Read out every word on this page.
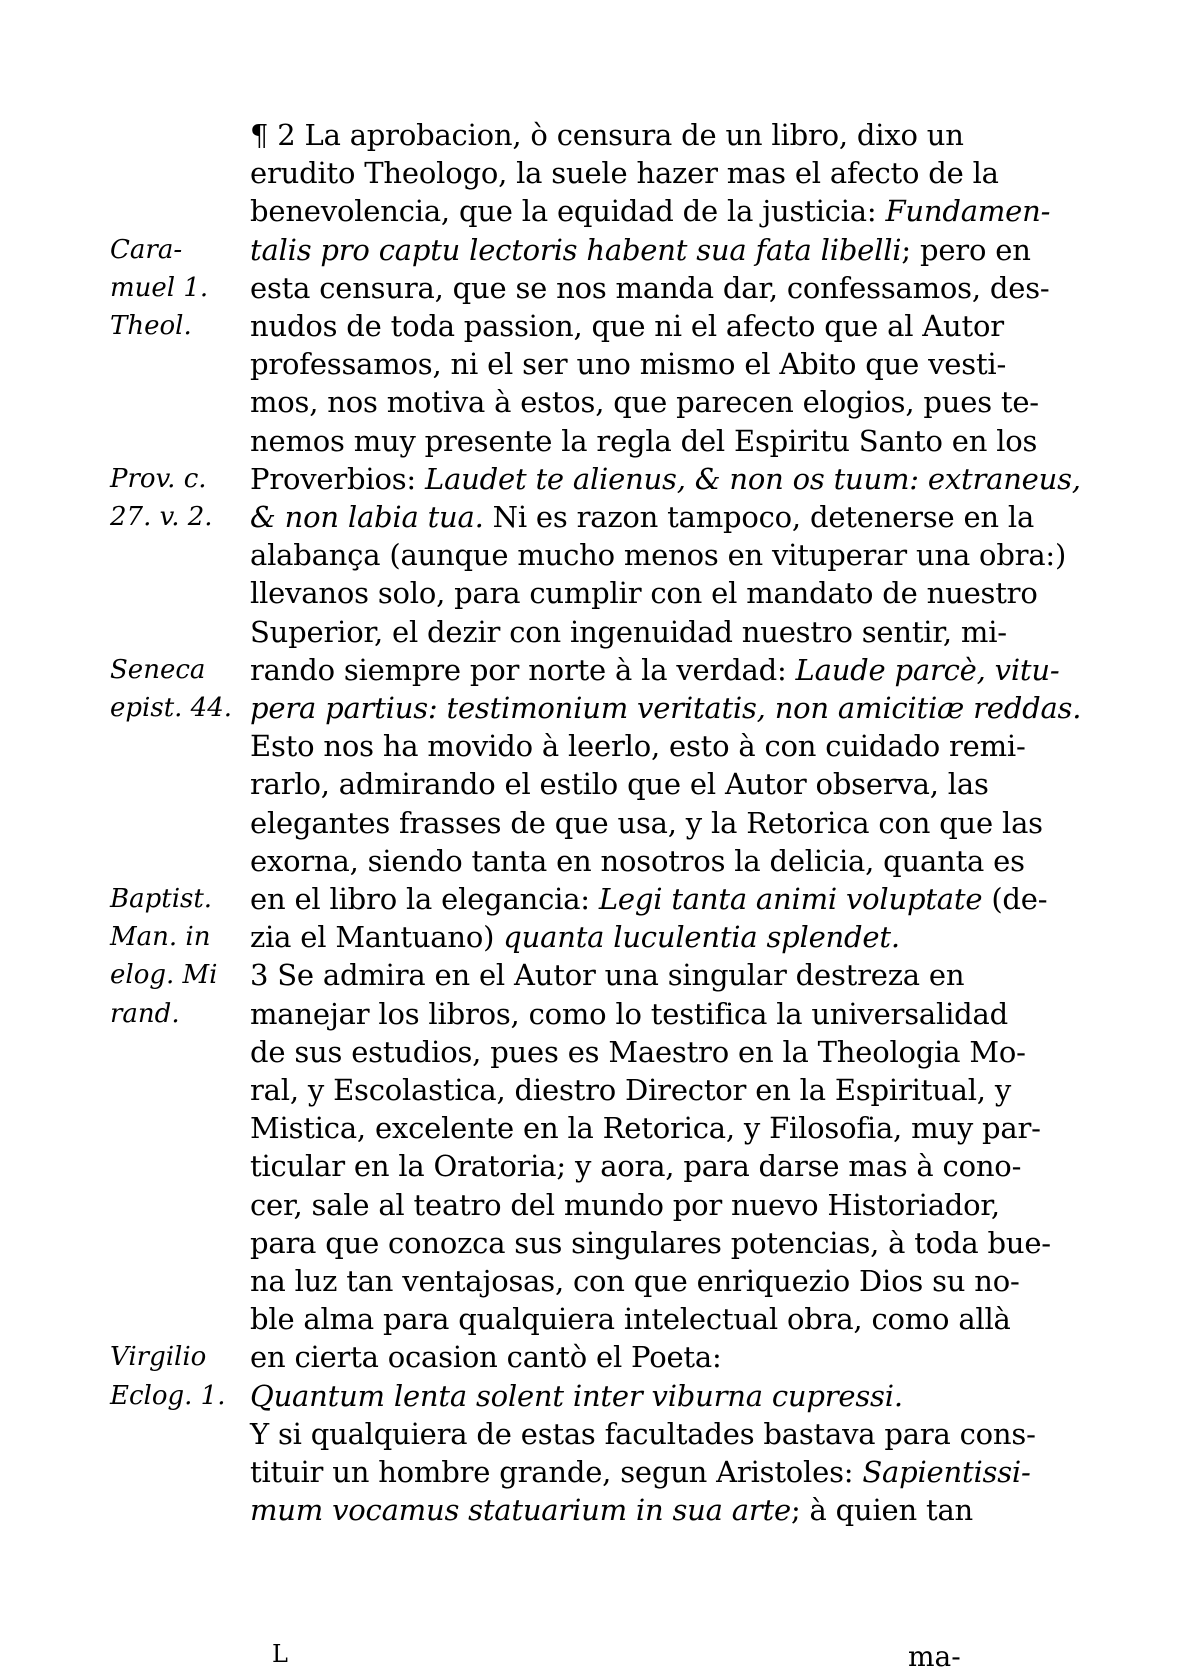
¶ 2 La aprobacion, ò censura de un libro, dixo un
erudito Theologo, la suele hazer mas el afecto de la
benevolencia, que la equidad de la justicia: Fundamen-
talis pro captu lectoris habent sua fata libelli; pero en
esta censura, que se nos manda dar, confessamos, des-
nudos de toda passion, que ni el afecto que al Autor
professamos, ni el ser uno mismo el Abito que vesti-
mos, nos motiva à estos, que parecen elogios, pues te-
nemos muy presente la regla del Espiritu Santo en los
Proverbios: Laudet te alienus, & non os tuum: extraneus,
& non labia tua. Ni es razon tampoco, detenerse en la
alabança (aunque mucho menos en vituperar una obra:)
llevanos solo, para cumplir con el mandato de nuestro
Superior, el dezir con ingenuidad nuestro sentir, mi-
rando siempre por norte à la verdad: Laude parcè, vitu-
pera partius: testimonium veritatis, non amicitiæ reddas.
Esto nos ha movido à leerlo, esto à con cuidado remi-
rarlo, admirando el estilo que el Autor observa, las
elegantes frasses de que usa, y la Retorica con que las
exorna, siendo tanta en nosotros la delicia, quanta es
en el libro la elegancia: Legi tanta animi voluptate (de-
zia el Mantuano) quanta luculentia splendet.
3 Se admira en el Autor una singular destreza en
manejar los libros, como lo testifica la universalidad
de sus estudios, pues es Maestro en la Theologia Mo-
ral, y Escolastica, diestro Director en la Espiritual, y
Mistica, excelente en la Retorica, y Filosofia, muy par-
ticular en la Oratoria; y aora, para darse mas à cono-
cer, sale al teatro del mundo por nuevo Historiador,
para que conozca sus singulares potencias, à toda bue-
na luz tan ventajosas, con que enriquezio Dios su no-
ble alma para qualquiera intelectual obra, como allà
en cierta ocasion cantò el Poeta:
Quantum lenta solent inter viburna cupressi.
Y si qualquiera de estas facultades bastava para cons-
tituir un hombre grande, segun Aristoles: Sapientissi-
mum vocamus statuarium in sua arte; à quien tan
Cara-
muel 1.
Theol.
Prov. c.
27. v. 2.
Seneca
epist. 44.
Baptist.
Man. in
elog. Mi
rand.
Virgilio
Eclog. 1.
L	ma-
